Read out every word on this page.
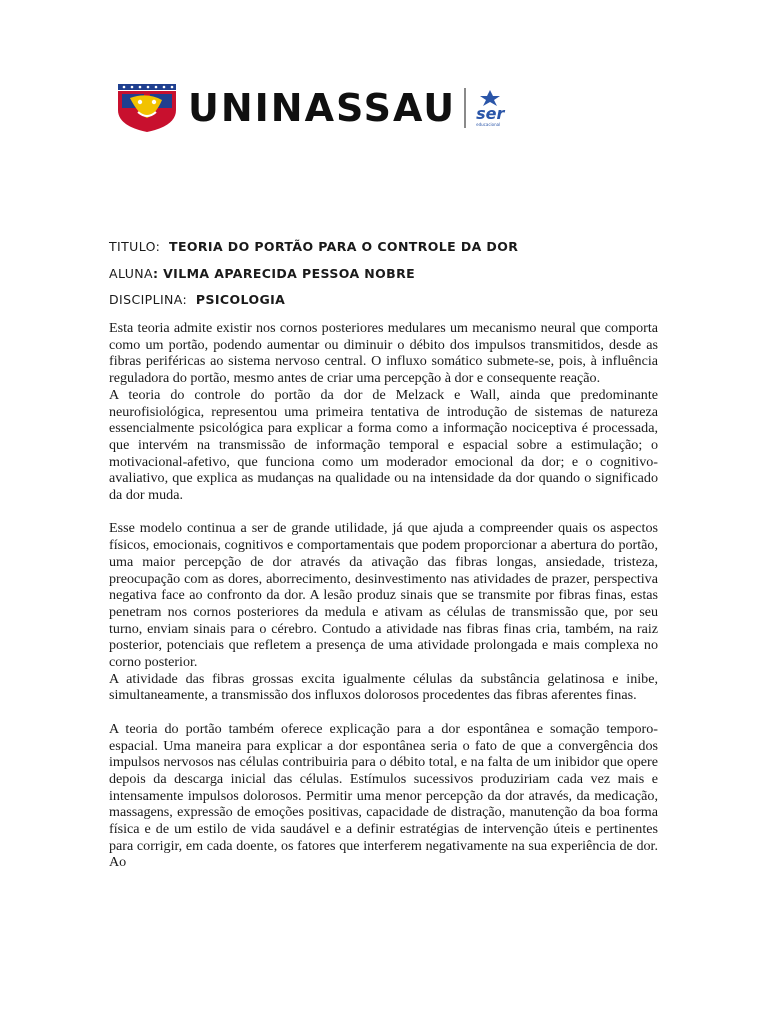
UNINASSAU ser
educacional
TITULO: TEORIA DO PORTÃO PARA O CONTROLE DA DOR
ALUNA: VILMA APARECIDA PESSOA NOBRE
DISCIPLINA: PSICOLOGIA

Esta teoria admite existir nos cornos posteriores medulares um mecanismo neural que comporta como um portão, podendo aumentar ou diminuir o débito dos impulsos transmitidos, desde as fibras periféricas ao sistema nervoso central. O influxo somático submete-se, pois, à influência reguladora do portão, mesmo antes de criar uma percepção à dor e consequente reação.

A teoria do controle do portão da dor de Melzack e Wall, ainda que predominante neurofisiológica, representou uma primeira tentativa de introdução de sistemas de natureza essencialmente psicológica para explicar a forma como a informação nociceptiva é processada, que intervém na transmissão de informação temporal e espacial sobre a estimulação; o motivacional-afetivo, que funciona como um moderador emocional da dor; e o cognitivo-avaliativo, que explica as mudanças na qualidade ou na intensidade da dor quando o significado da dor muda.

Esse modelo continua a ser de grande utilidade, já que ajuda a compreender quais os aspectos físicos, emocionais, cognitivos e comportamentais que podem proporcionar a abertura do portão, uma maior percepção de dor através da ativação das fibras longas, ansiedade, tristeza, preocupação com as dores, aborrecimento, desinvestimento nas atividades de prazer, perspectiva negativa face ao confronto da dor. A lesão produz sinais que se transmite por fibras finas, estas penetram nos cornos posteriores da medula e ativam as células de transmissão que, por seu turno, enviam sinais para o cérebro. Contudo a atividade nas fibras finas cria, também, na raiz posterior, potenciais que refletem a presença de uma atividade prolongada e mais complexa no corno posterior.

A atividade das fibras grossas excita igualmente células da substância gelatinosa e inibe, simultaneamente, a transmissão dos influxos dolorosos procedentes das fibras aferentes finas.

A teoria do portão também oferece explicação para a dor espontânea e somação temporo-espacial. Uma maneira para explicar a dor espontânea seria o fato de que a convergência dos impulsos nervosos nas células contribuiria para o débito total, e na falta de um inibidor que opere depois da descarga inicial das células. Estímulos sucessivos produziriam cada vez mais e intensamente impulsos dolorosos. Permitir uma menor percepção da dor através, da medicação, massagens, expressão de emoções positivas, capacidade de distração, manutenção da boa forma física e de um estilo de vida saudável e a definir estratégias de intervenção úteis e pertinentes para corrigir, em cada doente, os fatores que interferem negativamente na sua experiência de dor. Ao
